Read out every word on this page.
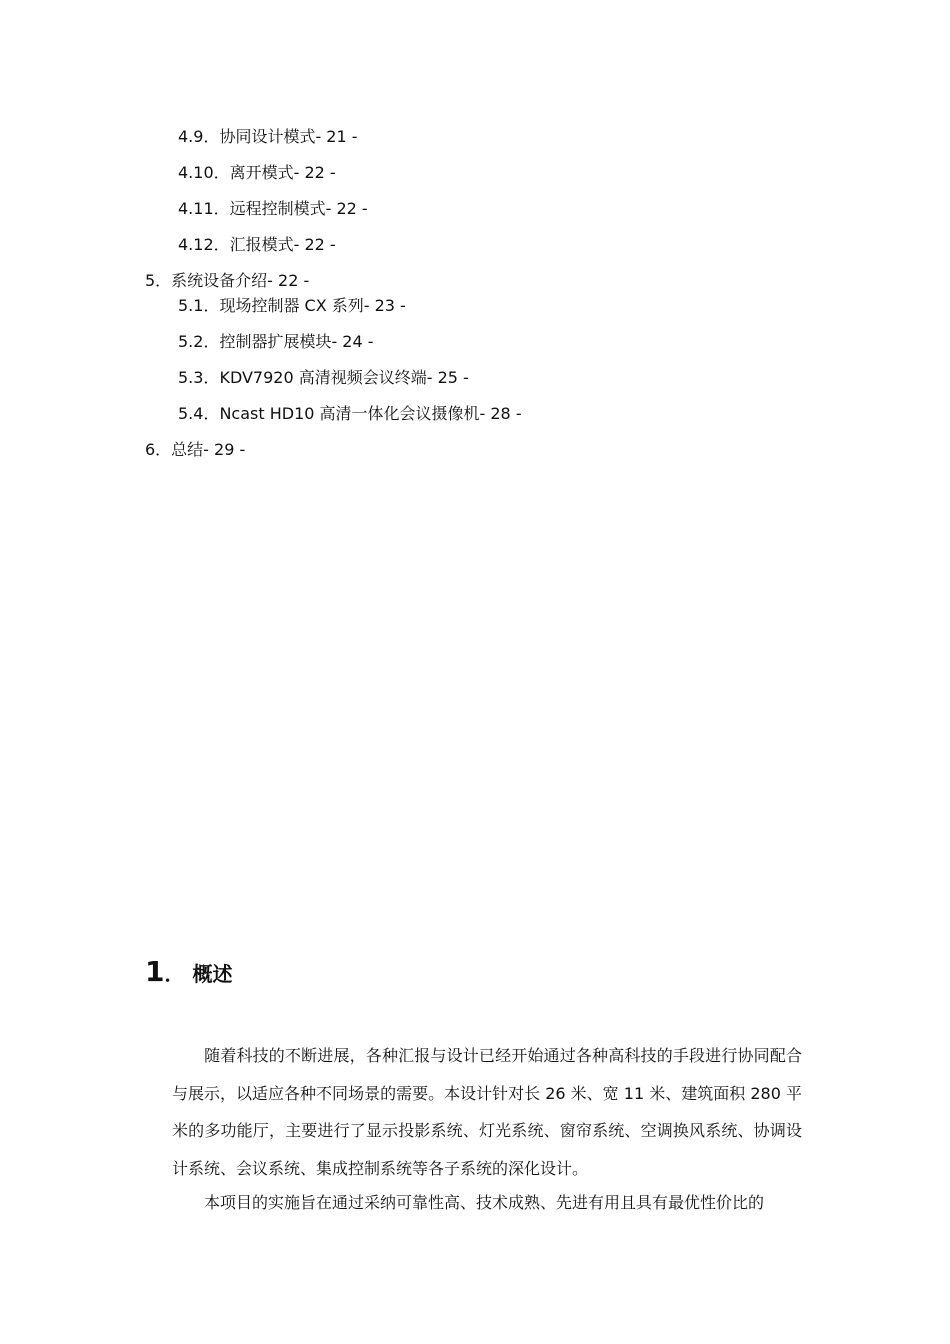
4.9．协同设计模式- 21 -
4.10．离开模式- 22 -
4.11．远程控制模式- 22 -
4.12．汇报模式- 22 -
5．系统设备介绍- 22 -
5.1．现场控制器 CX 系列- 23 -
5.2．控制器扩展模块- 24 -
5.3．KDV7920 高清视频会议终端- 25 -
5.4．Ncast HD10 高清一体化会议摄像机- 28 -
6．总结- 29 -
1． 概述
随着科技的不断进展，各种汇报与设计已经开始通过各种高科技的手段进行协同配合与展示，以适应各种不同场景的需要。本设计针对长 26 米、宽 11 米、建筑面积 280 平米的多功能厅，主要进行了显示投影系统、灯光系统、窗帘系统、空调换风系统、协调设计系统、会议系统、集成控制系统等各子系统的深化设计。
本项目的实施旨在通过采纳可靠性高、技术成熟、先进有用且具有最优性价比的
